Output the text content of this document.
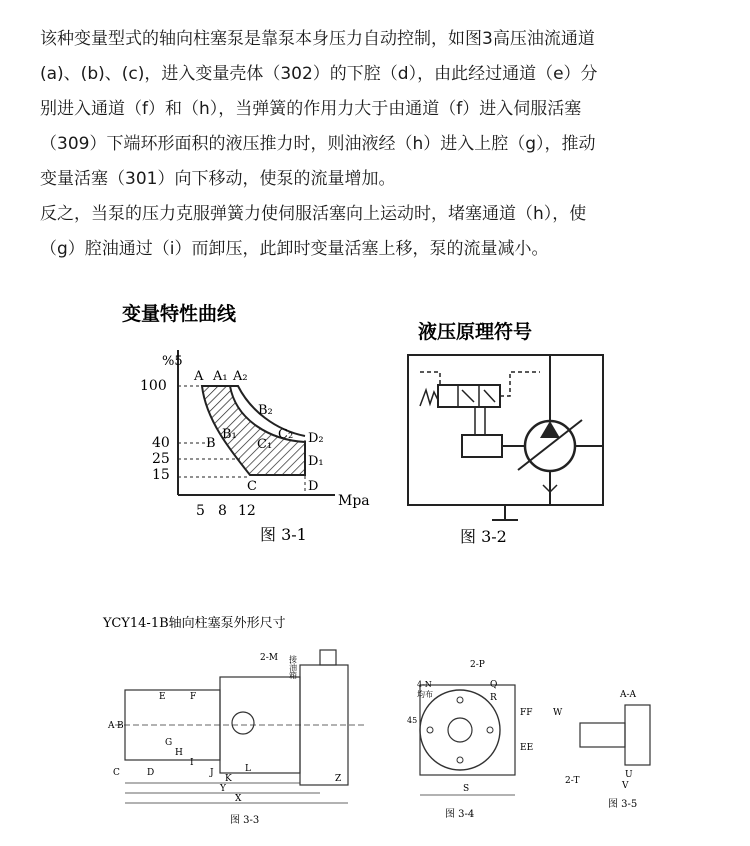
该种变量型式的轴向柱塞泵是靠泵本身压力自动控制，如图3高压油流通道
(a)、(b)、(c)，进入变量壳体（302）的下腔（d），由此经过通道（e）分
别进入通道（f）和（h），当弹簧的作用力大于由通道（f）进入伺服活塞
（309）下端环形面积的液压推力时，则油液经（h）进入上腔（g），推动
变量活塞（301）向下移动，使泵的流量增加。
反之，当泵的压力克服弹簧力使伺服活塞向上运动时，堵塞通道（h），使
（g）腔油通过（i）而卸压，此卸时变量活塞上移，泵的流量减小。
变量特性曲线
%5
Mpa
100
40
25
15
5 8 12
A A₁ A₂
B
B₁
B₂
C
C₁
C₂
D
D₁
D₂
图 3-1
液压原理符号
图 3-2
YCY14-1B轴向柱塞泵外形尺寸
2-M 接油箱
A B
C	D
E	F
G
H
I
J
K
L
Y
X
Z
图 3-3
2-P
Q
R
4-N
均布
45
S
EE
FF
图 3-4
A-A
W
2-T
U
V
图 3-5
